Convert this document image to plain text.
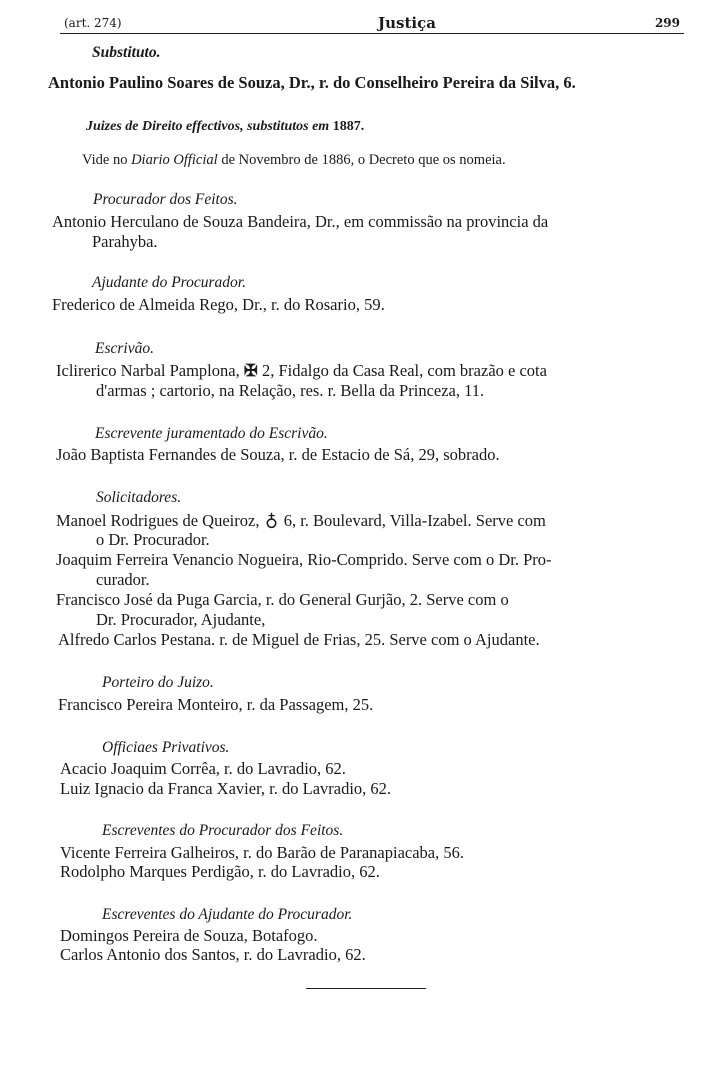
(art. 274)	Justiça	299
Substituto.
Antonio Paulino Soares de Souza, Dr., r. do Conselheiro Pereira da Silva, 6.
Juizes de Direito effectivos, substitutos em 1887.
Vide no Diario Official de Novembro de 1886, o Decreto que os nomeia.
Procurador dos Feitos.
Antonio Herculano de Souza Bandeira, Dr., em commissão na provincia da
Parahyba.
Ajudante do Procurador.
Frederico de Almeida Rego, Dr., r. do Rosario, 59.
Escrivão.
Iclirerico Narbal Pamplona, ✠ 2, Fidalgo da Casa Real, com brazão e cota
d'armas ; cartorio, na Relação, res. r. Bella da Princeza, 11.
Escrevente juramentado do Escrivão.
João Baptista Fernandes de Souza, r. de Estacio de Sá, 29, sobrado.
Solicitadores.
Manoel Rodrigues de Queiroz, ♁ 6, r. Boulevard, Villa-Izabel. Serve com
o Dr. Procurador.
Joaquim Ferreira Venancio Nogueira, Rio-Comprido. Serve com o Dr. Pro-
curador.
Francisco José da Puga Garcia, r. do General Gurjão, 2. Serve com o
Dr. Procurador, Ajudante,
Alfredo Carlos Pestana. r. de Miguel de Frias, 25. Serve com o Ajudante.
Porteiro do Juizo.
Francisco Pereira Monteiro, r. da Passagem, 25.
Officiaes Privativos.
Acacio Joaquim Corrêa, r. do Lavradio, 62.
Luiz Ignacio da Franca Xavier, r. do Lavradio, 62.
Escreventes do Procurador dos Feitos.
Vicente Ferreira Galheiros, r. do Barão de Paranapiacaba, 56.
Rodolpho Marques Perdigão, r. do Lavradio, 62.
Escreventes do Ajudante do Procurador.
Domingos Pereira de Souza, Botafogo.
Carlos Antonio dos Santos, r. do Lavradio, 62.
